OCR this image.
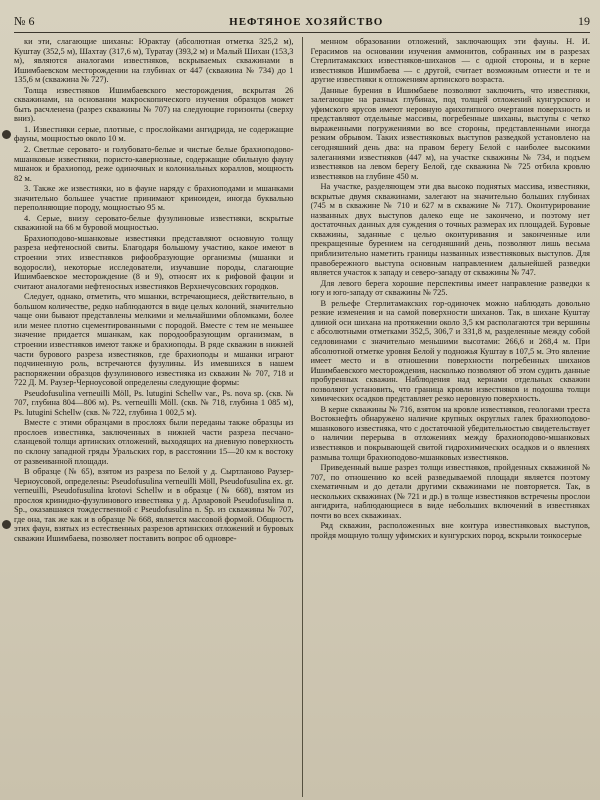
№ 6	НЕФТЯНОЕ ХОЗЯЙСТВО	19

ки эти, слагающие шиханы: Юрактау (абсолютная отметка 325,2 м), Куштау (352,5 м), Шахтау (317,6 м), Туратау (393,2 м) и Малый Шихан (153,3 м), являются аналогами известняков, вскрываемых скважинами в Ишимбаевском месторождении на глубинах от 447 (скважина № 734) до 1 135,6 м (скважина № 727).

Толща известняков Ишимбаевского месторождения, вскрытая 26 скважинами, на основании макроскопического изучения образцов может быть расчленена (разрез скважины № 707) на следующие горизонты (сверху вниз).

1. Известняки серые, плотные, с прослойками ангидрида, не содержащие фауны, мощностью около 10 м.

2. Светлые серовато- и голубовато-белые и чистые белые брахиоподово-мшанковые известняки, пористо-кавернозные, содержащие обильную фауну мшанок и брахиопод, реже одиночных и колониальных кораллов, мощность 82 м.

3. Также же известняки, но в фауне наряду с брахиоподами и мшанками значительно большее участие принимают криноидеи, иногда буквально переполняющие породу, мощностью 95 м.

4. Серые, внизу серовато-белые фузулиновые известняки, вскрытые скважиной на 66 м буровой мощностью.

Брахиоподово-мшанковые известняки представляют основную толщу разреза нефтеносной свиты. Благодаря большому участию, какое имеют в строении этих известняков рифообразующие организмы (мшанки и водоросли), некоторые исследователи, изучавшие породы, слагающие Ишимбаевское месторождение (8 и 9), относят их к рифовой фации и считают аналогами нефтеносных известняков Верхнечусовских городков.

Следует, однако, отметить, что мшанки, встречающиеся, действительно, в большом количестве, редко наблюдаются в виде целых колоний, значительно чаще они бывают представлены мелкими и мельчайшими обломками, более или менее плотно сцементированными с породой. Вместе с тем не меньшее значение придается мшанкам, как породообразующим организмам, в строении известняков имеют также и брахиоподы. В ряде скважин в нижней части бурового разреза известняков, где брахиоподы и мшанки играют подчиненную роль, встречаются фузулины. Из имевшихся в нашем распоряжении образцов фузулинового известняка из скважин № 707, 718 и 722 Д. М. Раузер-Черноусовой определены следующие формы:

Pseudofusulina verneuilli Möll, Ps. lutugini Schellw var., Ps. nova sp. (скв. № 707, глубина 804—806 м). Ps. verneuilli Möll. (скв. № 718, глубина 1 085 м), Ps. lutugini Schellw (скв. № 722, глубина 1 002,5 м).

Вместе с этими образцами в прослоях были переданы также образцы из прослоев известняка, заключенных в нижней части разреза песчано-сланцевой толщи артинских отложений, выходящих на дневную поверхность по склону западной гряды Уральских гор, в расстоянии 15—20 км к востоку от развеиванной площади.

В образце (№ 65), взятом из разреза по Белой у д. Сыртланово Раузер-Черноусовой, определены: Pseudofusulina verneuilli Möll, Pseudofusulina ex. gr. verneuilli, Pseudofusulina krotovi Schellw и в образце (№ 668), взятом из прослоя кринидно-фузулинового известняка у д. Арларовой Pseudofusulina n. Sp., оказавшаяся тождественной с Pseudofusulina n. Sp. из скважины № 707, где она, так же как и в образце № 668, является массовой формой. Общность этих фаун, взятых из естественных разрезов артинских отложений и буровых скважин Ишимбаева, позволяет поставить вопрос об одновре-

менном образовании отложений, заключающих эти фауны. Н. И. Герасимов на основании изучения аммонитов, собранных им в разрезах Стерлитамакских известняков-шиханов — с одной стороны, и в керне известняков Ишимбаева — с другой, считает возможным отнести и те и другие известняки к отложениям артинского возраста.

Данные бурения в Ишимбаеве позволяют заключить, что известняки, залегающие на разных глубинах, под толщей отложений кунгурского и уфимского ярусов имеют неровную арихотипного очертания поверхность и представляют отдельные массивы, погребенные шиханы, выступы с четко выраженными погружениями во все стороны, представленными иногда резким обрывом. Таких известняковых выступов разведкой установлено на сегодняшний день два: на правом берегу Белой с наиболее высокими залеганиями известняков (447 м), на участке скважины № 734, и подъем известняков на левом берегу Белой, где скважина № 725 отбила кровлю известняков на глубине 450 м.

На участке, разделяющем эти два высоко поднятых массива, известняки, вскрытые двумя скважинами, залегают на значительно больших глубинах (745 м в скважине № 710 и 627 м в скважине № 717). Оконтурирование названных двух выступов далеко еще не закончено, и поэтому нет достаточных данных для суждения о точных размерах их площадей. Буровые скважины, заданные с целью оконтуривания и законченные или прекращенные бурением на сегодняшний день, позволяют лишь весьма приблизительно наметить границы названных известняковых выступов. Для правобережного выступа основным направлением дальнейшей разведки является участок к западу и северо-западу от скважины № 747.

Для левого берега хорошие перспективы имеет направление разведки к югу и юго-западу от скважины № 725.

В рельефе Стерлитамакских гор-одиночек можно наблюдать довольно резкие изменения и на самой поверхности шиханов. Так, в шихане Куштау длиной оси шихана на протяжении около 3,5 км располагаются три вершины с абсолютными отметками 352,5, 306,7 и 331,8 м, разделенные между собой седловинами с значительно меньшими высотами: 266,6 и 268,4 м. При абсолютной отметке уровня Белой у подножья Куштау в 107,5 м. Это явление имеет место и в отношении поверхности погребенных шиханов Ишимбаевского месторождения, насколько позволяют об этом судить данные пробуренных скважин. Наблюдения над кернами отдельных скважин позволяют установить, что граница кровли известняков и подошва толщи химических осадков представляет резко неровную поверхность.

В керне скважины № 716, взятом на кровле известняков, геологами треста Востокнефть обнаружено наличие крупных округлых галек брахиоподово-мшанкового известняка, что с достаточной убедительностью свидетельствует о наличии перерыва в отложениях между брахиоподово-мшанковых известняков и покрывающей свитой гидрохимических осадков и о явлениях размыва толщи брахиоподово-мшанковых известняков.

Приведенный выше разрез толщи известняков, пройденных скважиной № 707, по отношению ко всей разведываемой площади является поэтому схематичным и до детали другими скважинами не повторяется. Так, в нескольких скважинах (№ 721 и др.) в толще известняков встречены прослои ангидрита, наблюдающиеся в виде небольших включений в известняках почти во всех скважинах.

Ряд скважин, расположенных вне контура известняковых выступов, пройдя мощную толщу уфимских и кунгурских пород, вскрыли тонкосерые
